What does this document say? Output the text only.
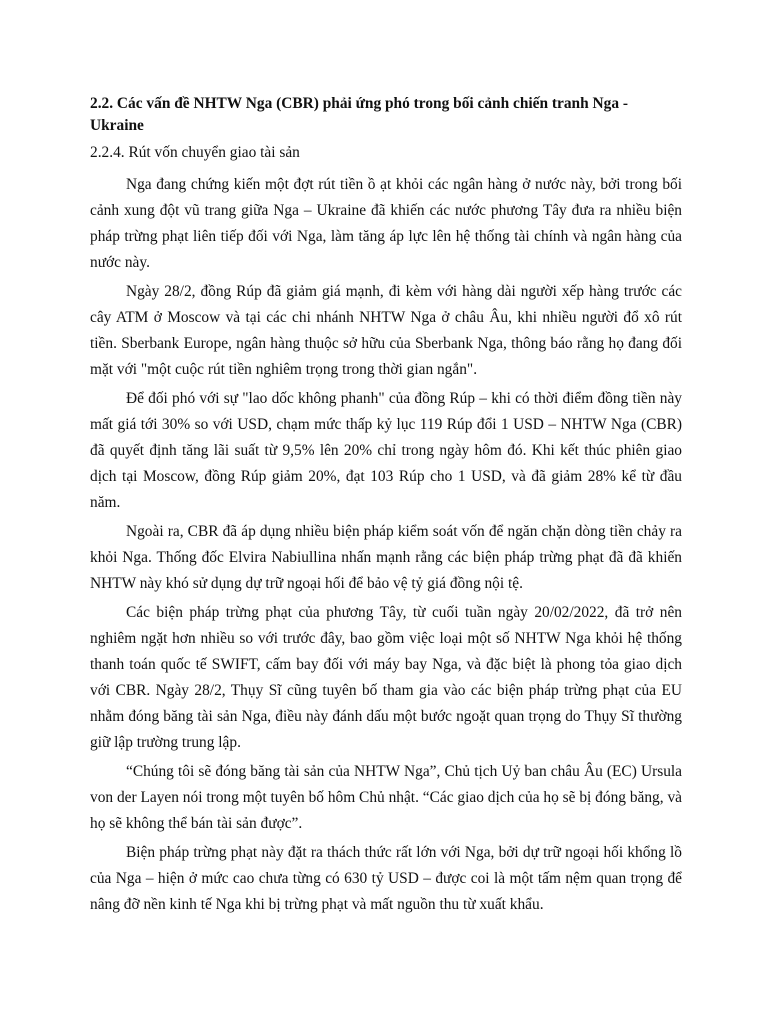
2.2. Các vấn đề NHTW Nga (CBR) phải ứng phó trong bối cảnh chiến tranh Nga - Ukraine
2.2.4. Rút vốn chuyển giao tài sản

Nga đang chứng kiến một đợt rút tiền ồ ạt khỏi các ngân hàng ở nước này, bởi trong bối cảnh xung đột vũ trang giữa Nga – Ukraine đã khiến các nước phương Tây đưa ra nhiều biện pháp trừng phạt liên tiếp đối với Nga, làm tăng áp lực lên hệ thống tài chính và ngân hàng của nước này.

Ngày 28/2, đồng Rúp đã giảm giá mạnh, đi kèm với hàng dài người xếp hàng trước các cây ATM ở Moscow và tại các chi nhánh NHTW Nga ở châu Âu, khi nhiều người đổ xô rút tiền. Sberbank Europe, ngân hàng thuộc sở hữu của Sberbank Nga, thông báo rằng họ đang đối mặt với "một cuộc rút tiền nghiêm trọng trong thời gian ngắn".

Để đối phó với sự "lao dốc không phanh" của đồng Rúp – khi có thời điểm đồng tiền này mất giá tới 30% so với USD, chạm mức thấp kỷ lục 119 Rúp đổi 1 USD – NHTW Nga (CBR) đã quyết định tăng lãi suất từ 9,5% lên 20% chỉ trong ngày hôm đó. Khi kết thúc phiên giao dịch tại Moscow, đồng Rúp giảm 20%, đạt 103 Rúp cho 1 USD, và đã giảm 28% kể từ đầu năm.

Ngoài ra, CBR đã áp dụng nhiều biện pháp kiểm soát vốn để ngăn chặn dòng tiền chảy ra khỏi Nga. Thống đốc Elvira Nabiullina nhấn mạnh rằng các biện pháp trừng phạt đã đã khiến NHTW này khó sử dụng dự trữ ngoại hối để bảo vệ tỷ giá đồng nội tệ.

Các biện pháp trừng phạt của phương Tây, từ cuối tuần ngày 20/02/2022, đã trở nên nghiêm ngặt hơn nhiều so với trước đây, bao gồm việc loại một số NHTW Nga khỏi hệ thống thanh toán quốc tế SWIFT, cấm bay đối với máy bay Nga, và đặc biệt là phong tỏa giao dịch với CBR. Ngày 28/2, Thụy Sĩ cũng tuyên bố tham gia vào các biện pháp trừng phạt của EU nhằm đóng băng tài sản Nga, điều này đánh dấu một bước ngoặt quan trọng do Thụy Sĩ thường giữ lập trường trung lập.

“Chúng tôi sẽ đóng băng tài sản của NHTW Nga”, Chủ tịch Uỷ ban châu Âu (EC) Ursula von der Layen nói trong một tuyên bố hôm Chủ nhật. “Các giao dịch của họ sẽ bị đóng băng, và họ sẽ không thể bán tài sản được”.

Biện pháp trừng phạt này đặt ra thách thức rất lớn với Nga, bởi dự trữ ngoại hối khổng lồ của Nga – hiện ở mức cao chưa từng có 630 tỷ USD – được coi là một tấm nệm quan trọng để nâng đỡ nền kinh tế Nga khi bị trừng phạt và mất nguồn thu từ xuất khẩu.
